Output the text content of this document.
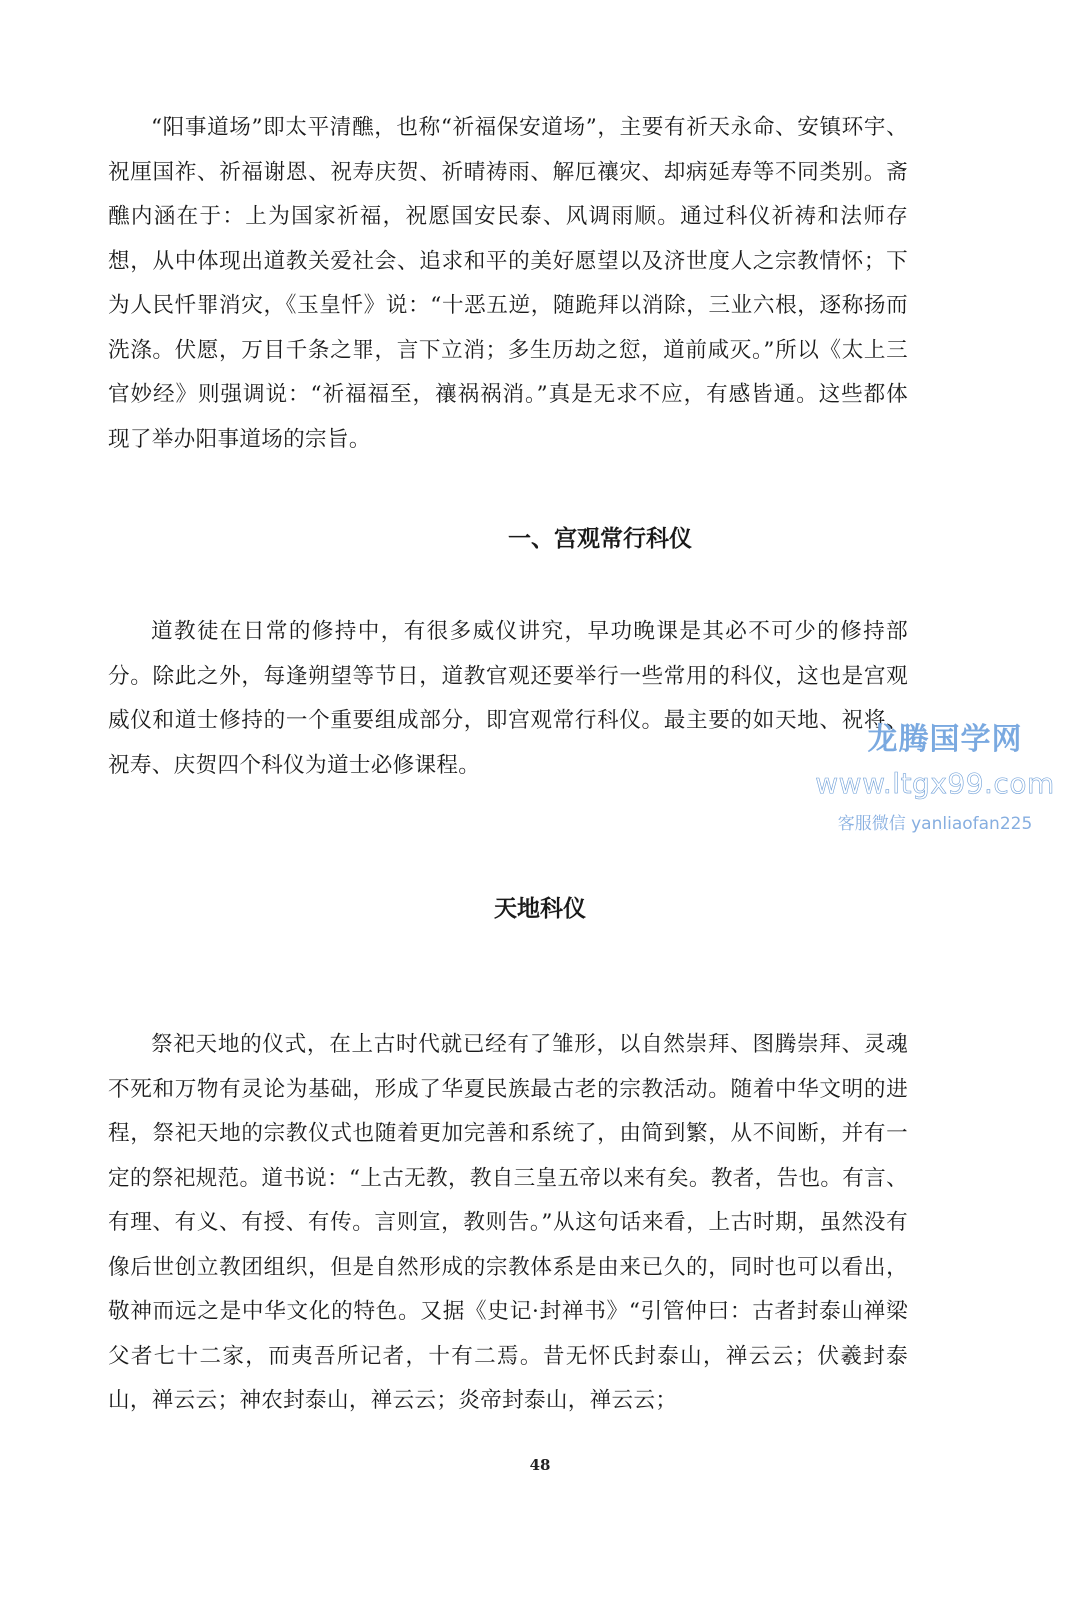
“阳事道场”即太平清醮，也称“祈福保安道场”，主要有祈天永命、安镇环宇、祝厘国祚、祈福谢恩、祝寿庆贺、祈晴祷雨、解厄禳灾、却病延寿等不同类别。斋醮内涵在于：上为国家祈福，祝愿国安民泰、风调雨顺。通过科仪祈祷和法师存想，从中体现出道教关爱社会、追求和平的美好愿望以及济世度人之宗教情怀；下为人民忏罪消灾，《玉皇忏》说：“十恶五逆，随跪拜以消除，三业六根，逐称扬而洗涤。伏愿，万目千条之罪，言下立消；多生历劫之愆，道前咸灭。”所以《太上三官妙经》则强调说：“祈福福至，禳祸祸消。”真是无求不应，有感皆通。这些都体现了举办阳事道场的宗旨。

一、宫观常行科仪

道教徒在日常的修持中，有很多威仪讲究，早功晚课是其必不可少的修持部分。除此之外，每逢朔望等节日，道教官观还要举行一些常用的科仪，这也是宫观威仪和道士修持的一个重要组成部分，即宫观常行科仪。最主要的如天地、祝将、祝寿、庆贺四个科仪为道士必修课程。

天地科仪

祭祀天地的仪式，在上古时代就已经有了雏形，以自然崇拜、图腾崇拜、灵魂不死和万物有灵论为基础，形成了华夏民族最古老的宗教活动。随着中华文明的进程，祭祀天地的宗教仪式也随着更加完善和系统了，由简到繁，从不间断，并有一定的祭祀规范。道书说：“上古无教，教自三皇五帝以来有矣。教者，告也。有言、有理、有义、有授、有传。言则宣，教则告。”从这句话来看，上古时期，虽然没有像后世创立教团组织，但是自然形成的宗教体系是由来已久的，同时也可以看出，敬神而远之是中华文化的特色。又据《史记·封禅书》“引管仲曰：古者封泰山禅梁父者七十二家，而夷吾所记者，十有二焉。昔无怀氏封泰山，禅云云；伏羲封泰山，禅云云；神农封泰山，禅云云；炎帝封泰山，禅云云；

48
龙腾国学网
www.ltgx99.com
客服微信 yanliaofan225
